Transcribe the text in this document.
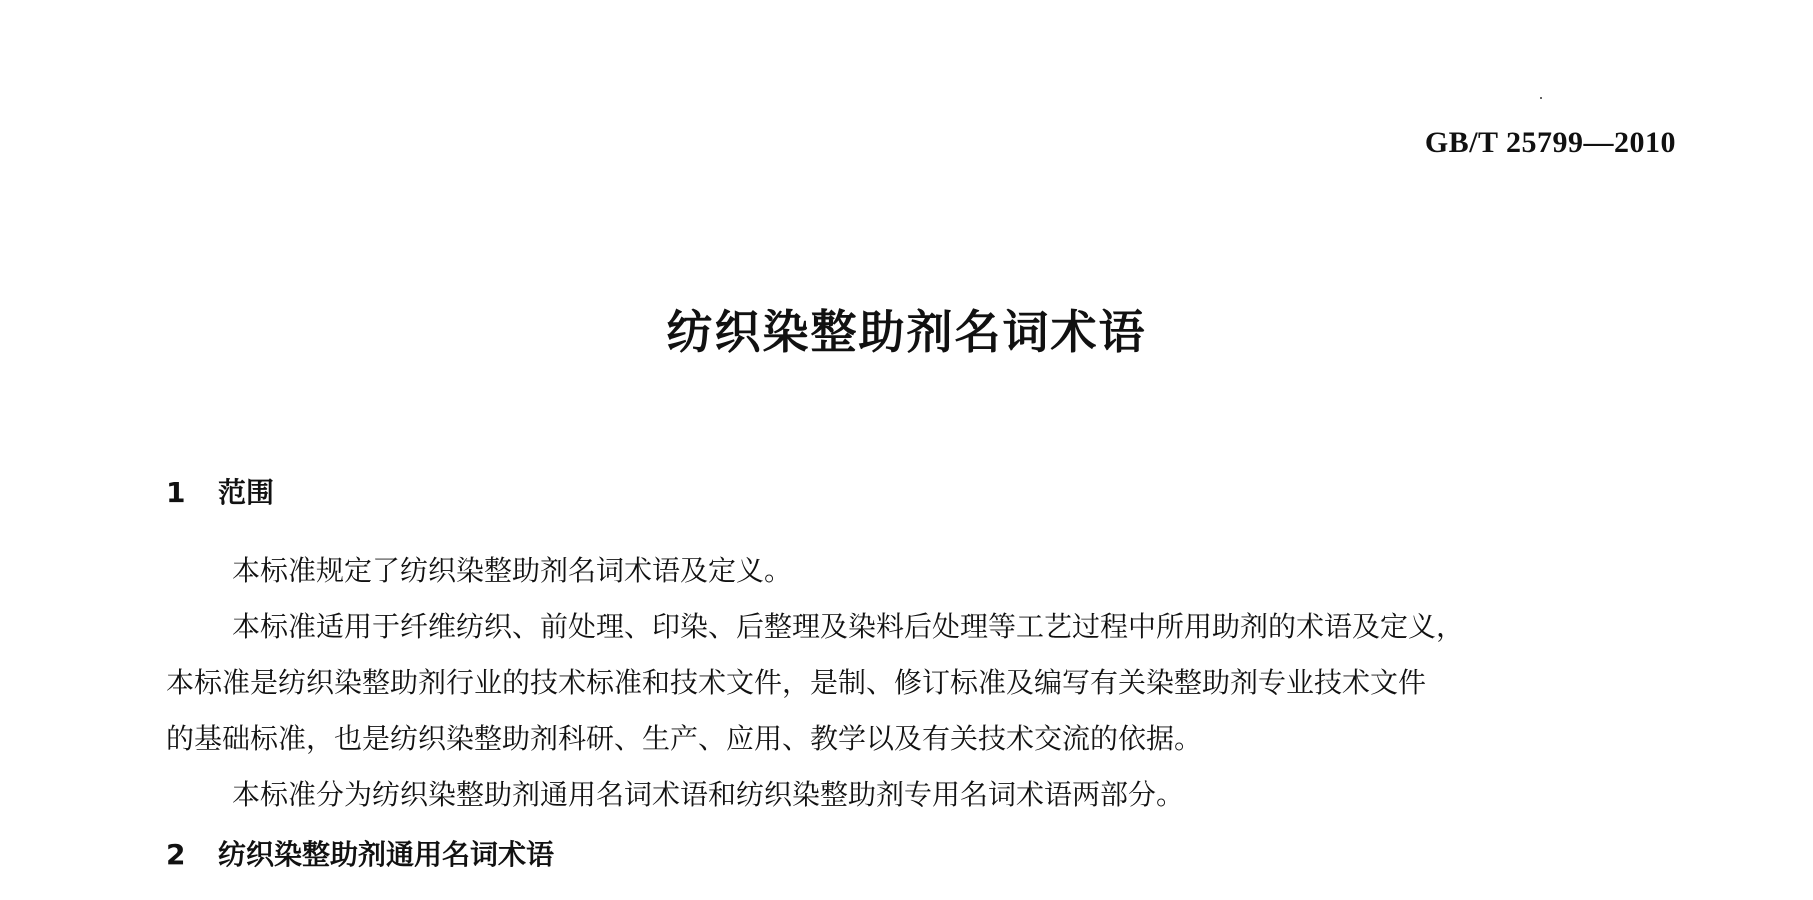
GB/T 25799—2010
纺织染整助剂名词术语
1 范围
本标准规定了纺织染整助剂名词术语及定义。
本标准适用于纤维纺织、前处理、印染、后整理及染料后处理等工艺过程中所用助剂的术语及定义，
本标准是纺织染整助剂行业的技术标准和技术文件，是制、修订标准及编写有关染整助剂专业技术文件
的基础标准，也是纺织染整助剂科研、生产、应用、教学以及有关技术交流的依据。
本标准分为纺织染整助剂通用名词术语和纺织染整助剂专用名词术语两部分。
2 纺织染整助剂通用名词术语
